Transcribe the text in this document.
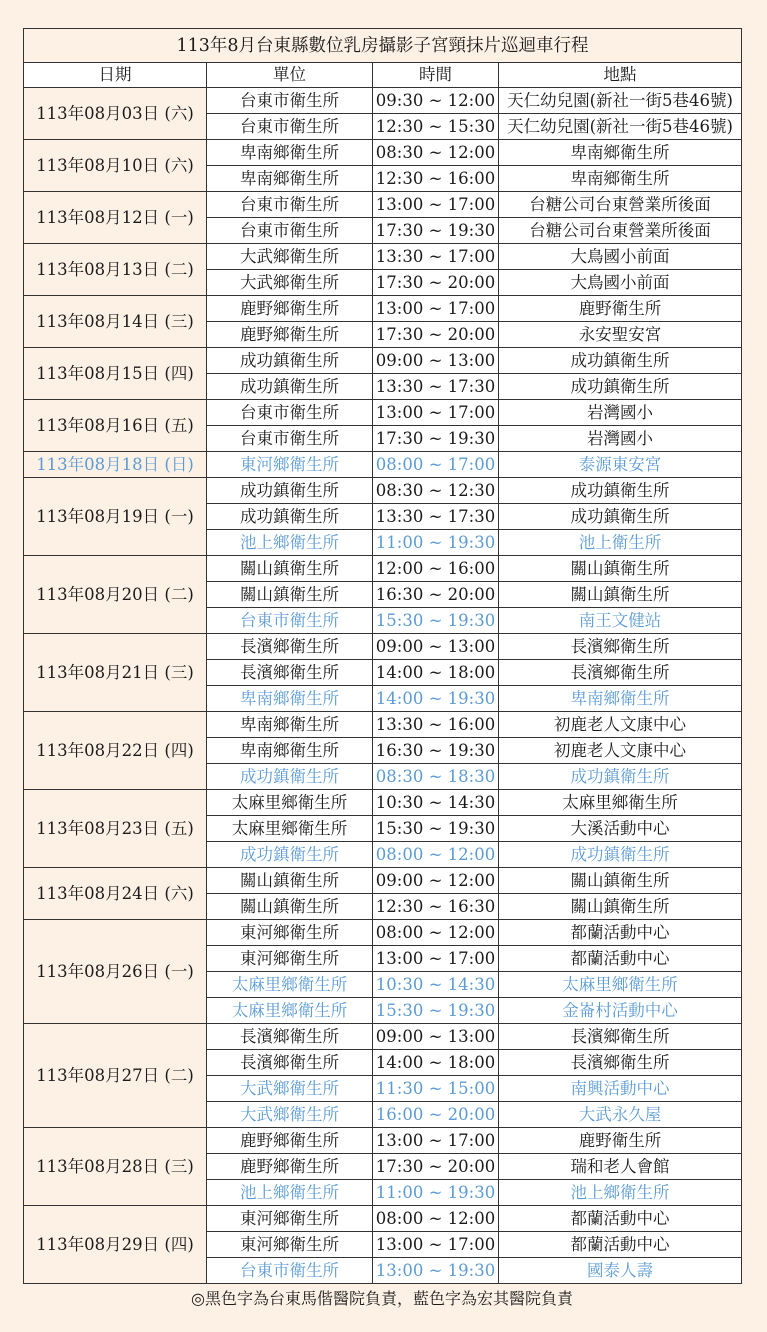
113年8月台東縣數位乳房攝影子宮頸抹片巡迴車行程			
日期	單位	時間	地點
113年08月03日 (六)	台東市衛生所	09:30 ~ 12:00	天仁幼兒園(新社一街5巷46號)
	台東市衛生所	12:30 ~ 15:30	天仁幼兒園(新社一街5巷46號)
113年08月10日 (六)	卑南鄉衛生所	08:30 ~ 12:00	卑南鄉衛生所
	卑南鄉衛生所	12:30 ~ 16:00	卑南鄉衛生所
113年08月12日 (一)	台東市衛生所	13:00 ~ 17:00	台糖公司台東營業所後面
	台東市衛生所	17:30 ~ 19:30	台糖公司台東營業所後面
113年08月13日 (二)	大武鄉衛生所	13:30 ~ 17:00	大鳥國小前面
	大武鄉衛生所	17:30 ~ 20:00	大鳥國小前面
113年08月14日 (三)	鹿野鄉衛生所	13:00 ~ 17:00	鹿野衛生所
	鹿野鄉衛生所	17:30 ~ 20:00	永安聖安宮
113年08月15日 (四)	成功鎮衛生所	09:00 ~ 13:00	成功鎮衛生所
	成功鎮衛生所	13:30 ~ 17:30	成功鎮衛生所
113年08月16日 (五)	台東市衛生所	13:00 ~ 17:00	岩灣國小
	台東市衛生所	17:30 ~ 19:30	岩灣國小
113年08月18日 (日)	東河鄉衛生所	08:00 ~ 17:00	泰源東安宮
113年08月19日 (一)	成功鎮衛生所	08:30 ~ 12:30	成功鎮衛生所
	成功鎮衛生所	13:30 ~ 17:30	成功鎮衛生所
	池上鄉衛生所	11:00 ~ 19:30	池上衛生所
113年08月20日 (二)	關山鎮衛生所	12:00 ~ 16:00	關山鎮衛生所
	關山鎮衛生所	16:30 ~ 20:00	關山鎮衛生所
	台東市衛生所	15:30 ~ 19:30	南王文健站
113年08月21日 (三)	長濱鄉衛生所	09:00 ~ 13:00	長濱鄉衛生所
	長濱鄉衛生所	14:00 ~ 18:00	長濱鄉衛生所
	卑南鄉衛生所	14:00 ~ 19:30	卑南鄉衛生所
113年08月22日 (四)	卑南鄉衛生所	13:30 ~ 16:00	初鹿老人文康中心
	卑南鄉衛生所	16:30 ~ 19:30	初鹿老人文康中心
	成功鎮衛生所	08:30 ~ 18:30	成功鎮衛生所
113年08月23日 (五)	太麻里鄉衛生所	10:30 ~ 14:30	太麻里鄉衛生所
	太麻里鄉衛生所	15:30 ~ 19:30	大溪活動中心
	成功鎮衛生所	08:00 ~ 12:00	成功鎮衛生所
113年08月24日 (六)	關山鎮衛生所	09:00 ~ 12:00	關山鎮衛生所
	關山鎮衛生所	12:30 ~ 16:30	關山鎮衛生所
113年08月26日 (一)	東河鄉衛生所	08:00 ~ 12:00	都蘭活動中心
	東河鄉衛生所	13:00 ~ 17:00	都蘭活動中心
	太麻里鄉衛生所	10:30 ~ 14:30	太麻里鄉衛生所
	太麻里鄉衛生所	15:30 ~ 19:30	金崙村活動中心
113年08月27日 (二)	長濱鄉衛生所	09:00 ~ 13:00	長濱鄉衛生所
	長濱鄉衛生所	14:00 ~ 18:00	長濱鄉衛生所
	大武鄉衛生所	11:30 ~ 15:00	南興活動中心
	大武鄉衛生所	16:00 ~ 20:00	大武永久屋
113年08月28日 (三)	鹿野鄉衛生所	13:00 ~ 17:00	鹿野衛生所
	鹿野鄉衛生所	17:30 ~ 20:00	瑞和老人會館
	池上鄉衛生所	11:00 ~ 19:30	池上鄉衛生所
113年08月29日 (四)	東河鄉衛生所	08:00 ~ 12:00	都蘭活動中心
	東河鄉衛生所	13:00 ~ 17:00	都蘭活動中心
	台東市衛生所	13:00 ~ 19:30	國泰人壽
◎黑色字為台東馬偕醫院負責，藍色字為宏其醫院負責
